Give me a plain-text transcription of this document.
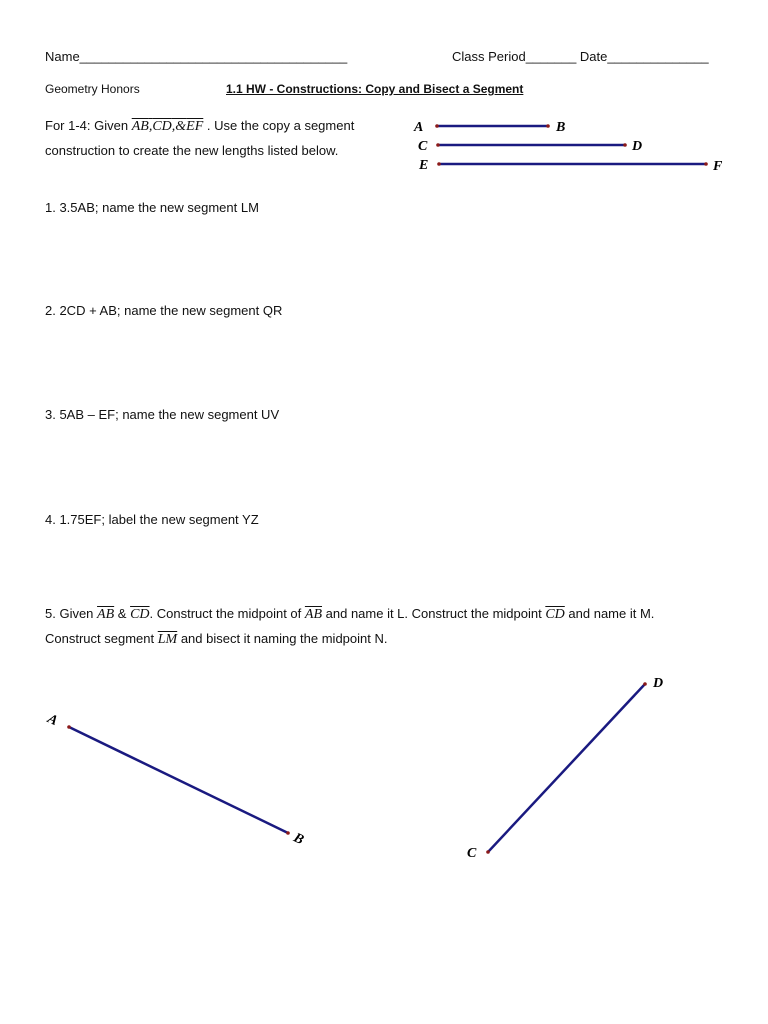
Name_____________________________________	Class Period_______ Date______________
Geometry Honors	1.1 HW - Constructions: Copy and Bisect a Segment
For 1-4: Given $\overline{AB},\overline{CD},\&\overline{EF}$ . Use the copy a segment
construction to create the new lengths listed below.
A	B
C	D
E	F
1. 3.5AB; name the new segment LM
2. 2CD + AB; name the new segment QR
3. 5AB – EF; name the new segment UV
4. 1.75EF; label the new segment YZ
5. Given $\overline{AB}$ & $\overline{CD}$. Construct the midpoint of $\overline{AB}$ and name it L. Construct the midpoint $\overline{CD}$ and name it M.
Construct segment $\overline{LM}$ and bisect it naming the midpoint N.
A
B
C
D
